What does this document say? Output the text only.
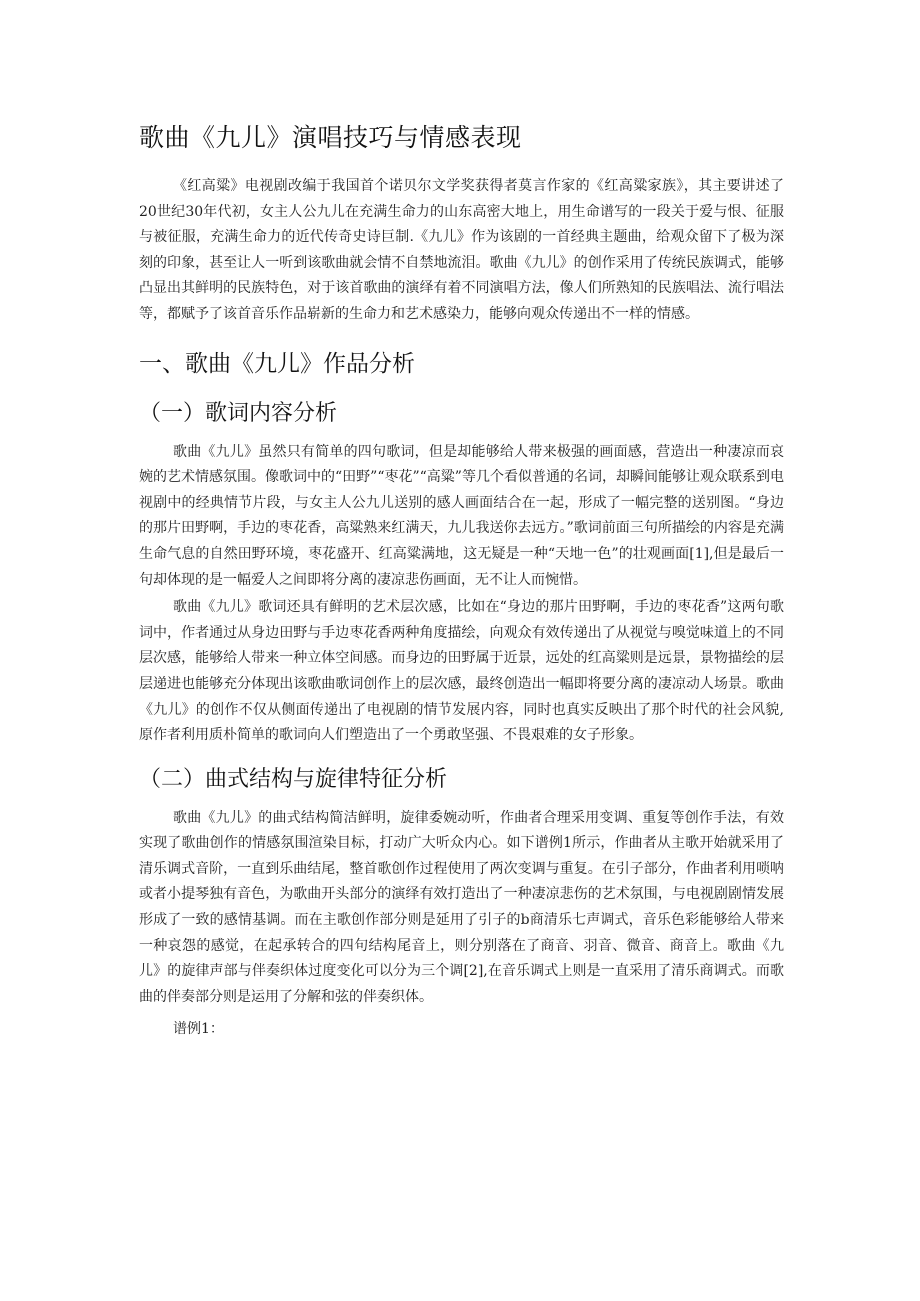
歌曲《九儿》演唱技巧与情感表现

《红高粱》电视剧改编于我国首个诺贝尔文学奖获得者莫言作家的《红高粱家族》，其主要讲述了20世纪30年代初，女主人公九儿在充满生命力的山东高密大地上，用生命谱写的一段关于爱与恨、征服与被征服，充满生命力的近代传奇史诗巨制.《九儿》作为该剧的一首经典主题曲，给观众留下了极为深刻的印象，甚至让人一听到该歌曲就会情不自禁地流泪。歌曲《九儿》的创作采用了传统民族调式，能够凸显出其鲜明的民族特色，对于该首歌曲的演绎有着不同演唱方法，像人们所熟知的民族唱法、流行唱法等，都赋予了该首音乐作品崭新的生命力和艺术感染力，能够向观众传递出不一样的情感。

一、歌曲《九儿》作品分析
（一）歌词内容分析

歌曲《九儿》虽然只有简单的四句歌词，但是却能够给人带来极强的画面感，营造出一种凄凉而哀婉的艺术情感氛围。像歌词中的“田野”“枣花”“高粱”等几个看似普通的名词，却瞬间能够让观众联系到电视剧中的经典情节片段，与女主人公九儿送别的感人画面结合在一起，形成了一幅完整的送别图。“身边的那片田野啊，手边的枣花香，高粱熟来红满天，九儿我送你去远方。”歌词前面三句所描绘的内容是充满生命气息的自然田野环境，枣花盛开、红高粱满地，这无疑是一种“天地一色”的壮观画面[1],但是最后一句却体现的是一幅爱人之间即将分离的凄凉悲伤画面，无不让人而惋惜。

歌曲《九儿》歌词还具有鲜明的艺术层次感，比如在“身边的那片田野啊，手边的枣花香”这两句歌词中，作者通过从身边田野与手边枣花香两种角度描绘，向观众有效传递出了从视觉与嗅觉味道上的不同层次感，能够给人带来一种立体空间感。而身边的田野属于近景，远处的红高粱则是远景，景物描绘的层层递进也能够充分体现出该歌曲歌词创作上的层次感，最终创造出一幅即将要分离的凄凉动人场景。歌曲《九儿》的创作不仅从侧面传递出了电视剧的情节发展内容，同时也真实反映出了那个时代的社会风貌,原作者利用质朴简单的歌词向人们塑造出了一个勇敢坚强、不畏艰难的女子形象。

（二）曲式结构与旋律特征分析

歌曲《九儿》的曲式结构简洁鲜明，旋律委婉动听，作曲者合理采用变调、重复等创作手法，有效实现了歌曲创作的情感氛围渲染目标，打动广大听众内心。如下谱例1所示，作曲者从主歌开始就采用了清乐调式音阶，一直到乐曲结尾，整首歌创作过程使用了两次变调与重复。在引子部分，作曲者利用唢呐或者小提琴独有音色，为歌曲开头部分的演绎有效打造出了一种凄凉悲伤的艺术氛围，与电视剧剧情发展形成了一致的感情基调。而在主歌创作部分则是延用了引子的b商清乐七声调式，音乐色彩能够给人带来一种哀怨的感觉，在起承转合的四句结构尾音上，则分别落在了商音、羽音、微音、商音上。歌曲《九儿》的旋律声部与伴奏织体过度变化可以分为三个调[2],在音乐调式上则是一直采用了清乐商调式。而歌曲的伴奏部分则是运用了分解和弦的伴奏织体。

谱例1：
